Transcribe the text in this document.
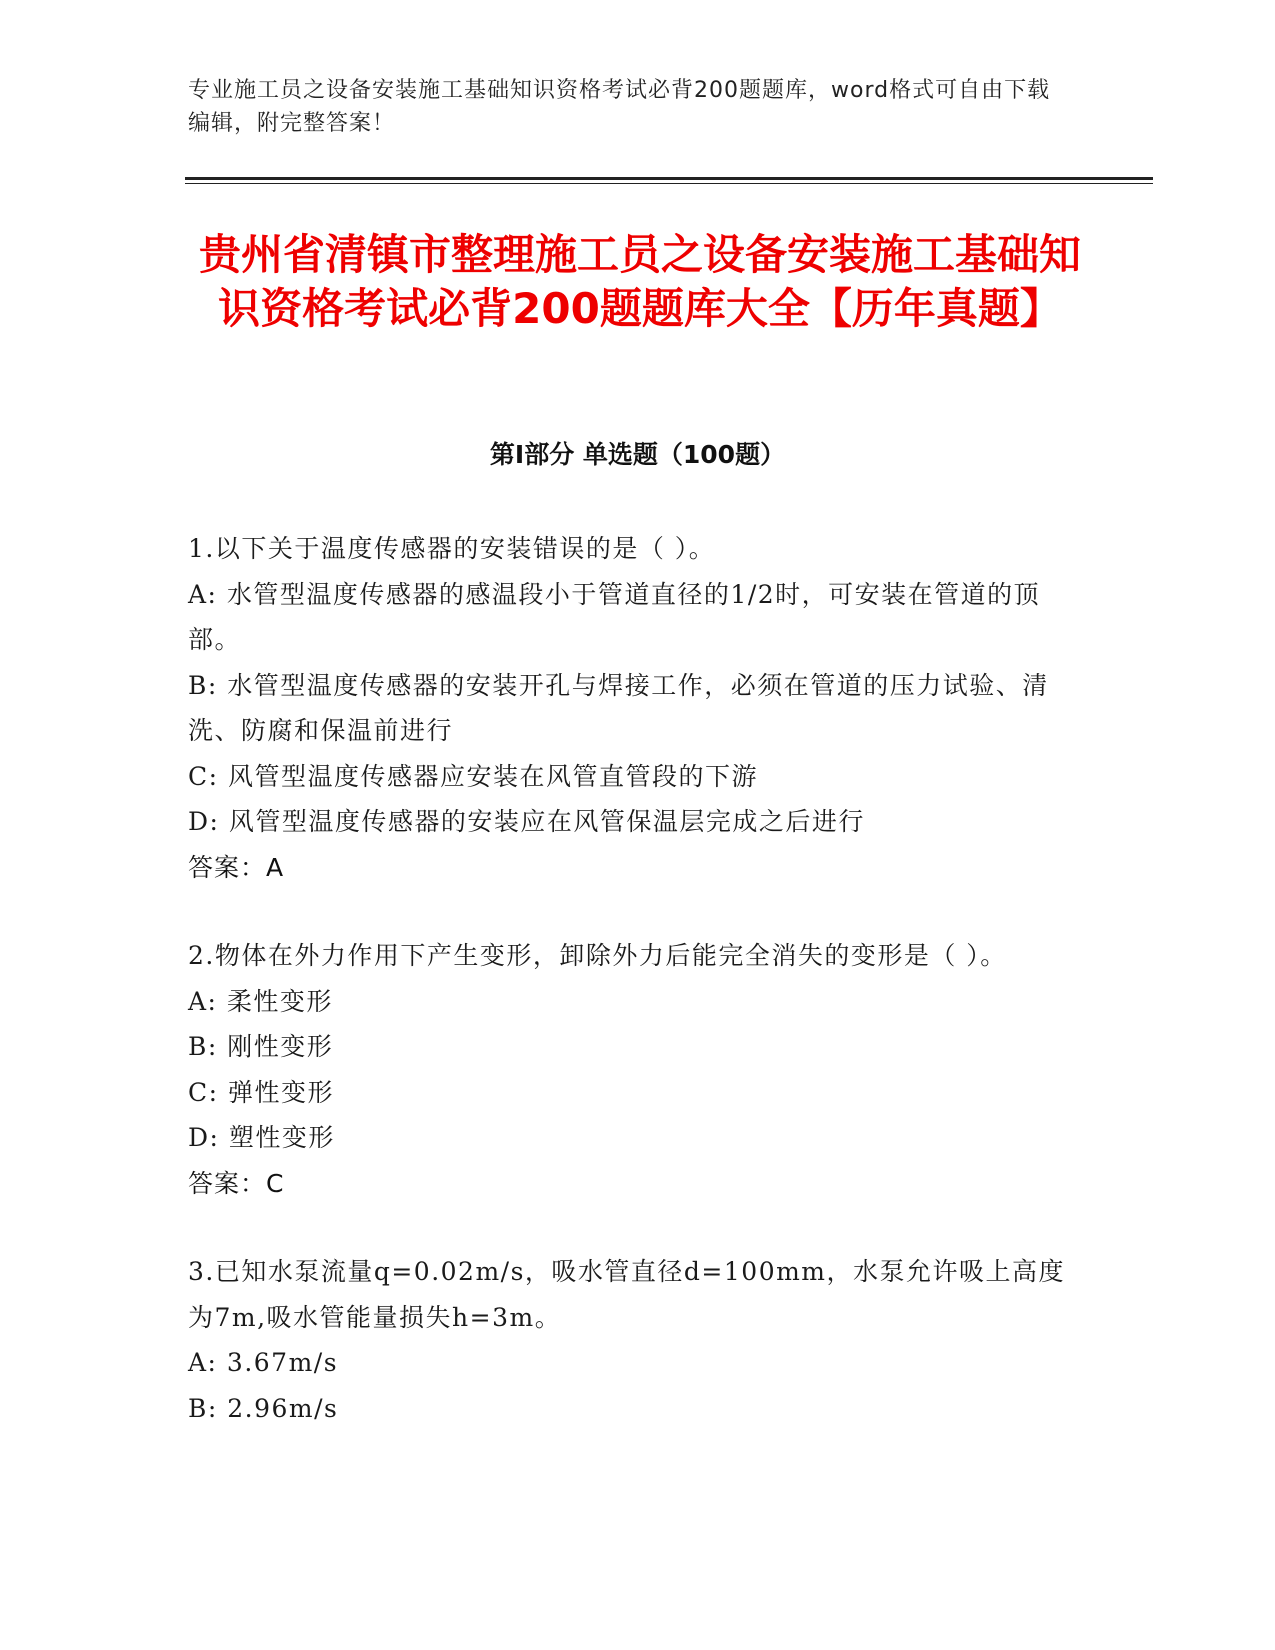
专业施工员之设备安装施工基础知识资格考试必背200题题库，word格式可自由下载编辑，附完整答案！
贵州省清镇市整理施工员之设备安装施工基础知识资格考试必背200题题库大全【历年真题】
第I部分 单选题（100题）
1.以下关于温度传感器的安装错误的是（ ）。
A: 水管型温度传感器的感温段小于管道直径的1/2时，可安装在管道的顶部。
B: 水管型温度传感器的安装开孔与焊接工作，必须在管道的压力试验、清洗、防腐和保温前进行
C: 风管型温度传感器应安装在风管直管段的下游
D: 风管型温度传感器的安装应在风管保温层完成之后进行
答案：A
2.物体在外力作用下产生变形，卸除外力后能完全消失的变形是（ ）。
A: 柔性变形
B: 刚性变形
C: 弹性变形
D: 塑性变形
答案：C
3.已知水泵流量q=0.02m/s，吸水管直径d=100mm，水泵允许吸上高度为7m,吸水管能量损失h=3m。
A: 3.67m/s
B: 2.96m/s
